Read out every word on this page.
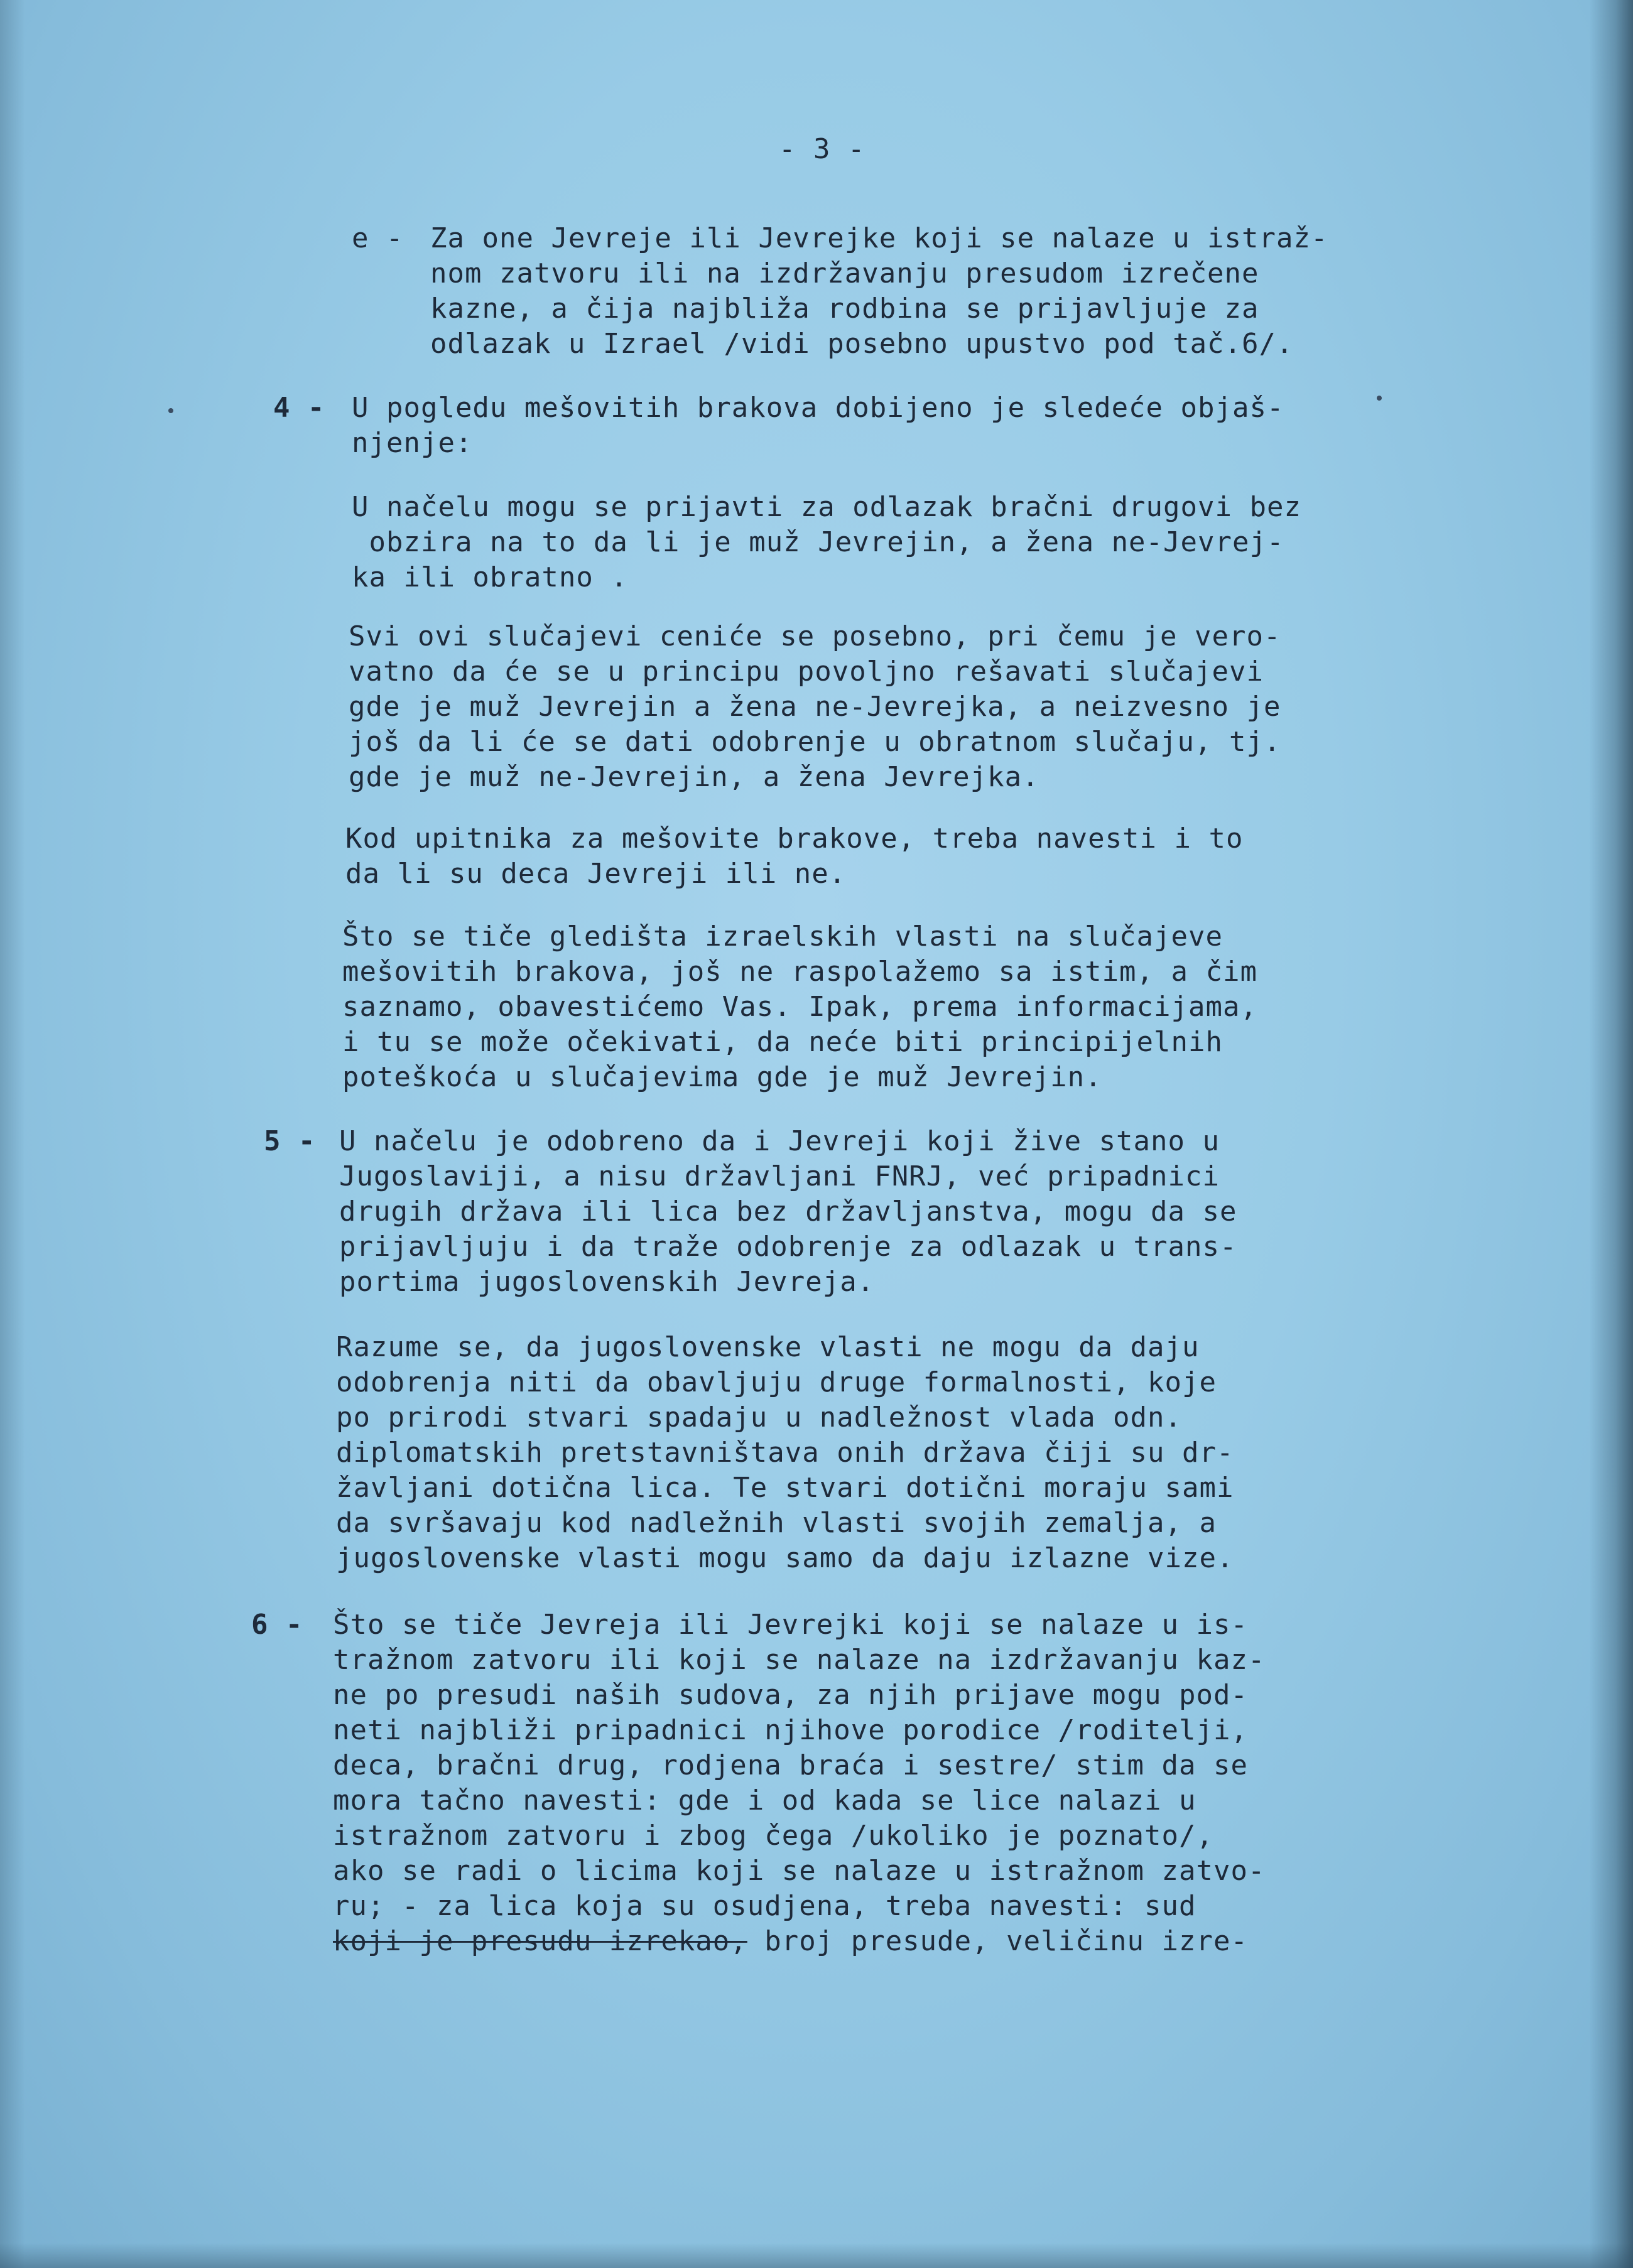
- 3 -
e - Za one Jevreje ili Jevrejke koji se nalaze u istraž-
nom zatvoru ili na izdržavanju presudom izrečene
kazne, a čija najbliža rodbina se prijavljuje za
odlazak u Izrael /vidi posebno upustvo pod tač.6/.
4 - U pogledu mešovitih brakova dobijeno je sledeće objaš-
njenje:
U načelu mogu se prijavti za odlazak bračni drugovi bez
obzira na to da li je muž Jevrejin, a žena ne-Jevrej-
ka ili obratno .
Svi ovi slučajevi ceniće se posebno, pri čemu je vero-
vatno da će se u principu povoljno rešavati slučajevi
gde je muž Jevrejin a žena ne-Jevrejka, a neizvesno je
još da li će se dati odobrenje u obratnom slučaju, tj.
gde je muž ne-Jevrejin, a žena Jevrejka.
Kod upitnika za mešovite brakove, treba navesti i to
da li su deca Jevreji ili ne.
Što se tiče gledišta izraelskih vlasti na slučajeve
mešovitih brakova, još ne raspolažemo sa istim, a čim
saznamo, obavestićemo Vas. Ipak, prema informacijama,
i tu se može očekivati, da neće biti principijelnih
poteškoća u slučajevima gde je muž Jevrejin.
5 - U načelu je odobreno da i Jevreji koji žive stano u
Jugoslaviji, a nisu državljani FNRJ, već pripadnici
drugih država ili lica bez državljanstva, mogu da se
prijavljuju i da traže odobrenje za odlazak u trans-
portima jugoslovenskih Jevreja.
Razume se, da jugoslovenske vlasti ne mogu da daju
odobrenja niti da obavljuju druge formalnosti, koje
po prirodi stvari spadaju u nadležnost vlada odn.
diplomatskih pretstavništava onih država čiji su dr-
žavljani dotična lica. Te stvari dotični moraju sami
da svršavaju kod nadležnih vlasti svojih zemalja, a
jugoslovenske vlasti mogu samo da daju izlazne vize.
6 - Što se tiče Jevreja ili Jevrejki koji se nalaze u is-
tražnom zatvoru ili koji se nalaze na izdržavanju kaz-
ne po presudi naših sudova, za njih prijave mogu pod-
neti najbliži pripadnici njihove porodice /roditelji,
deca, bračni drug, rodjena braća i sestre/ stim da se
mora tačno navesti: gde i od kada se lice nalazi u
istražnom zatvoru i zbog čega /ukoliko je poznato/,
ako se radi o licima koji se nalaze u istražnom zatvo-
ru; - za lica koja su osudjena, treba navesti: sud
koji je presudu izrekao, broj presude, veličinu izre-
